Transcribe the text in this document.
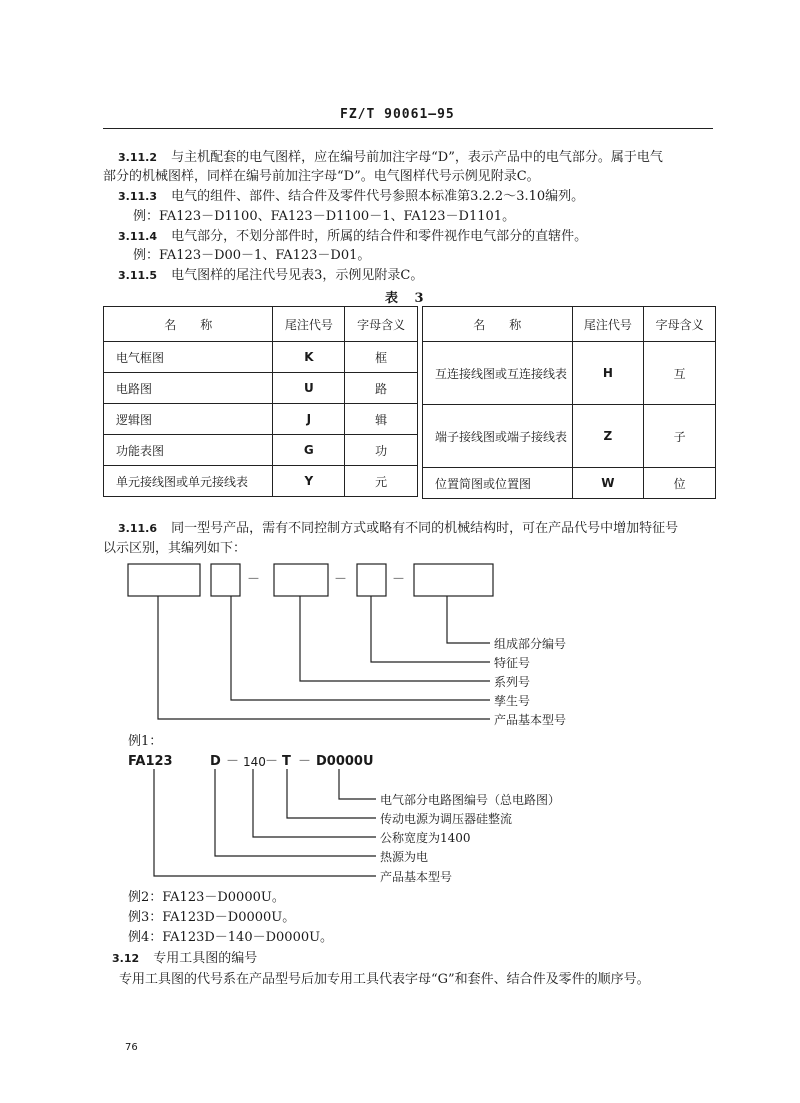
FZ/T 90061—95
3.11.2 与主机配套的电气图样，应在编号前加注字母“D”，表示产品中的电气部分。属于电气
部分的机械图样，同样在编号前加注字母“D”。电气图样代号示例见附录C。
3.11.3 电气的组件、部件、结合件及零件代号参照本标准第3.2.2～3.10编列。
例：FA123－D1100、FA123－D1100－1、FA123－D1101。
3.11.4 电气部分，不划分部件时，所属的结合件和零件视作电气部分的直辖件。
例：FA123－D00－1、FA123－D01。
3.11.5 电气图样的尾注代号见表3，示例见附录C。
表 3
名　　称	尾注代号	字母含义
电气框图	K	框
电路图	U	路
逻辑图	J	辑
功能表图	G	功
单元接线图或单元接线表	Y	元
名　　称	尾注代号	字母含义
互连接线图或互连接线表	H	互

端子接线图或端子接线表	Z	子

位置简图或位置图	W	位
3.11.6 同一型号产品，需有不同控制方式或略有不同的机械结构时，可在产品代号中增加特征号
以示区别，其编列如下：
－	－	－
组成部分编号
特征号
系列号
孳生号
产品基本型号
例1：
FA123	D － 140 － T － D0000U
电气部分电路图编号（总电路图）
传动电源为调压器硅整流
公称宽度为1400
热源为电
产品基本型号
例2：FA123－D0000U。
例3：FA123D－D0000U。
例4：FA123D－140－D0000U。
3.12 专用工具图的编号
专用工具图的代号系在产品型号后加专用工具代表字母“G”和套件、结合件及零件的顺序号。
76
